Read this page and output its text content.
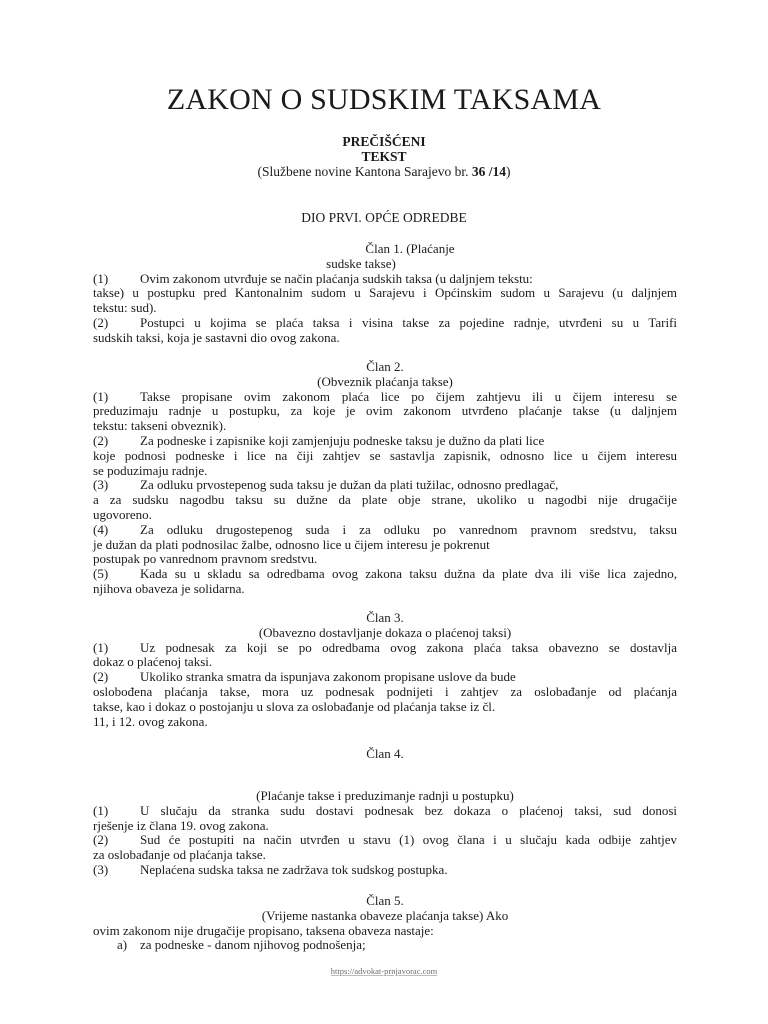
ZAKON O SUDSKIM TAKSAMA
PREČIŠĆENI
TEKST
(Službene novine Kantona Sarajevo br. 36 /14)
DIO PRVI. OPĆE ODREDBE
Član 1. (Plaćanje
sudske takse)
(1)	Ovim zakonom utvrđuje se način plaćanja sudskih taksa (u daljnjem tekstu:
takse) u postupku pred Kantonalnim sudom u Sarajevu i Općinskim sudom u Sarajevu (u daljnjem
tekstu: sud).
(2)	Postupci u kojima se plaća taksa i visina takse za pojedine radnje, utvrđeni su u Tarifi
sudskih taksi, koja je sastavni dio ovog zakona.
Član 2.
(Obveznik plaćanja takse)
(1)	Takse propisane ovim zakonom plaća lice po čijem zahtjevu ili u čijem interesu se
preduzimaju radnje u postupku, za koje je ovim zakonom utvrđeno plaćanje takse (u daljnjem
tekstu: takseni obveznik).
(2)	Za podneske i zapisnike koji zamjenjuju podneske taksu je dužno da plati lice
koje podnosi podneske i lice na čiji zahtjev se sastavlja zapisnik, odnosno lice u čijem interesu
se poduzimaju radnje.
(3)	Za odluku prvostepenog suda taksu je dužan da plati tužilac, odnosno predlagač,
a za sudsku nagodbu taksu su dužne da plate obje strane, ukoliko u nagodbi nije drugačije
ugovoreno.
(4)	Za odluku drugostepenog suda i za odluku po vanrednom pravnom sredstvu, taksu
je dužan da plati podnosilac žalbe, odnosno lice u čijem interesu je pokrenut
postupak po vanrednom pravnom sredstvu.
(5)	Kada su u skladu sa odredbama ovog zakona taksu dužna da plate dva ili više lica zajedno,
njihova obaveza je solidarna.
Član 3.
(Obavezno dostavljanje dokaza o plaćenoj taksi)
(1)	Uz podnesak za koji se po odredbama ovog zakona plaća taksa obavezno se dostavlja
dokaz o plaćenoj taksi.
(2)	Ukoliko stranka smatra da ispunjava zakonom propisane uslove da bude
oslobođena plaćanja takse, mora uz podnesak podnijeti i zahtjev za oslobađanje od plaćanja
takse, kao i dokaz o postojanju u slova za oslobađanje od plaćanja takse iz čl.
11, i 12. ovog zakona.
Član 4.
(Plaćanje takse i preduzimanje radnji u postupku)
(1)	U slučaju da stranka sudu dostavi podnesak bez dokaza o plaćenoj taksi, sud donosi
rješenje iz člana 19. ovog zakona.
(2)	Sud će postupiti na način utvrđen u stavu (1) ovog člana i u slučaju kada odbije zahtjev
za oslobađanje od plaćanja takse.
(3)	Neplaćena sudska taksa ne zadržava tok sudskog postupka.
Član 5.
(Vrijeme nastanka obaveze plaćanja takse) Ako
ovim zakonom nije drugačije propisano, taksena obaveza nastaje:
a) za podneske - danom njihovog podnošenja;
https://advokat-prnjavorac.com
